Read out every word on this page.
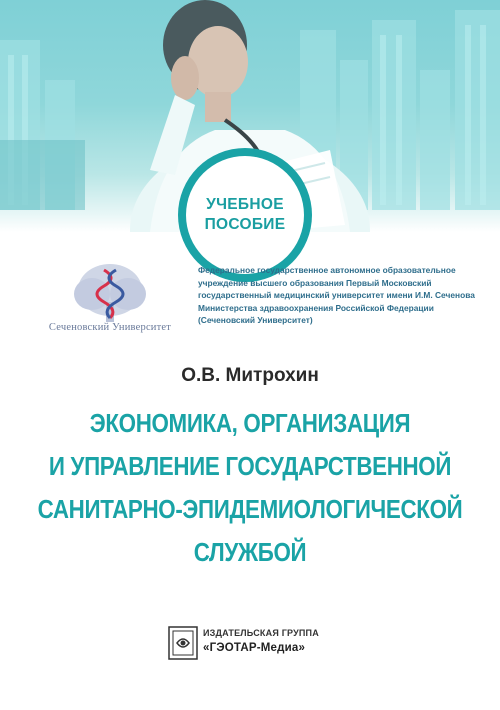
УЧЕБНОЕ
ПОСОБИЕ
Сеченовский Университет
Федеральное государственное автономное образовательное
учреждение высшего образования Первый Московский
государственный медицинский университет имени И.М. Сеченова
Министерства здравоохранения Российской Федерации
(Сеченовский Университет)
О.В. Митрохин
ЭКОНОМИКА, ОРГАНИЗАЦИЯ
И УПРАВЛЕНИЕ ГОСУДАРСТВЕННОЙ
САНИТАРНО-ЭПИДЕМИОЛОГИЧЕСКОЙ
СЛУЖБОЙ
ИЗДАТЕЛЬСКАЯ ГРУППА
«ГЭОТАР-Медиа»
